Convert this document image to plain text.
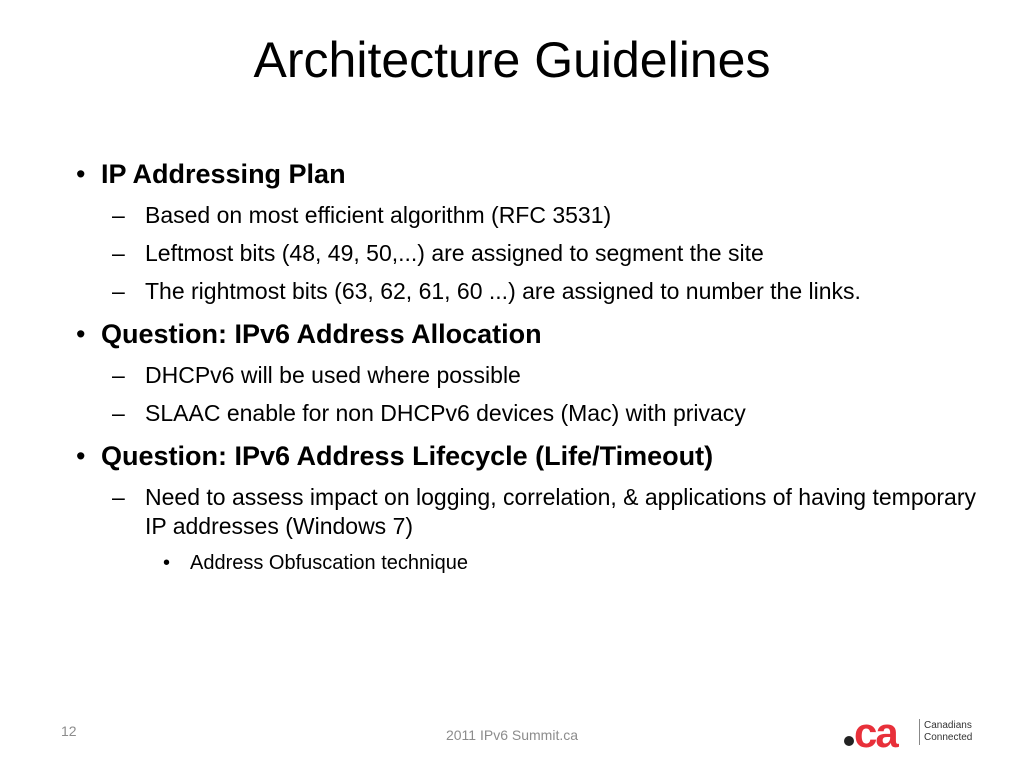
Architecture Guidelines
• IP Addressing Plan
– Based on most efficient algorithm (RFC 3531)
– Leftmost bits (48, 49, 50,...) are assigned to segment the site
– The rightmost bits (63, 62, 61, 60 ...) are assigned to number the links.
• Question: IPv6 Address Allocation
– DHCPv6 will be used where possible
– SLAAC enable for non DHCPv6 devices (Mac) with privacy
• Question: IPv6 Address Lifecycle (Life/Timeout)
– Need to assess impact on logging, correlation, & applications of having temporary IP addresses (Windows 7)
• Address Obfuscation technique
12	2011 IPv6 Summit.ca	ca	Canadians
Connected
